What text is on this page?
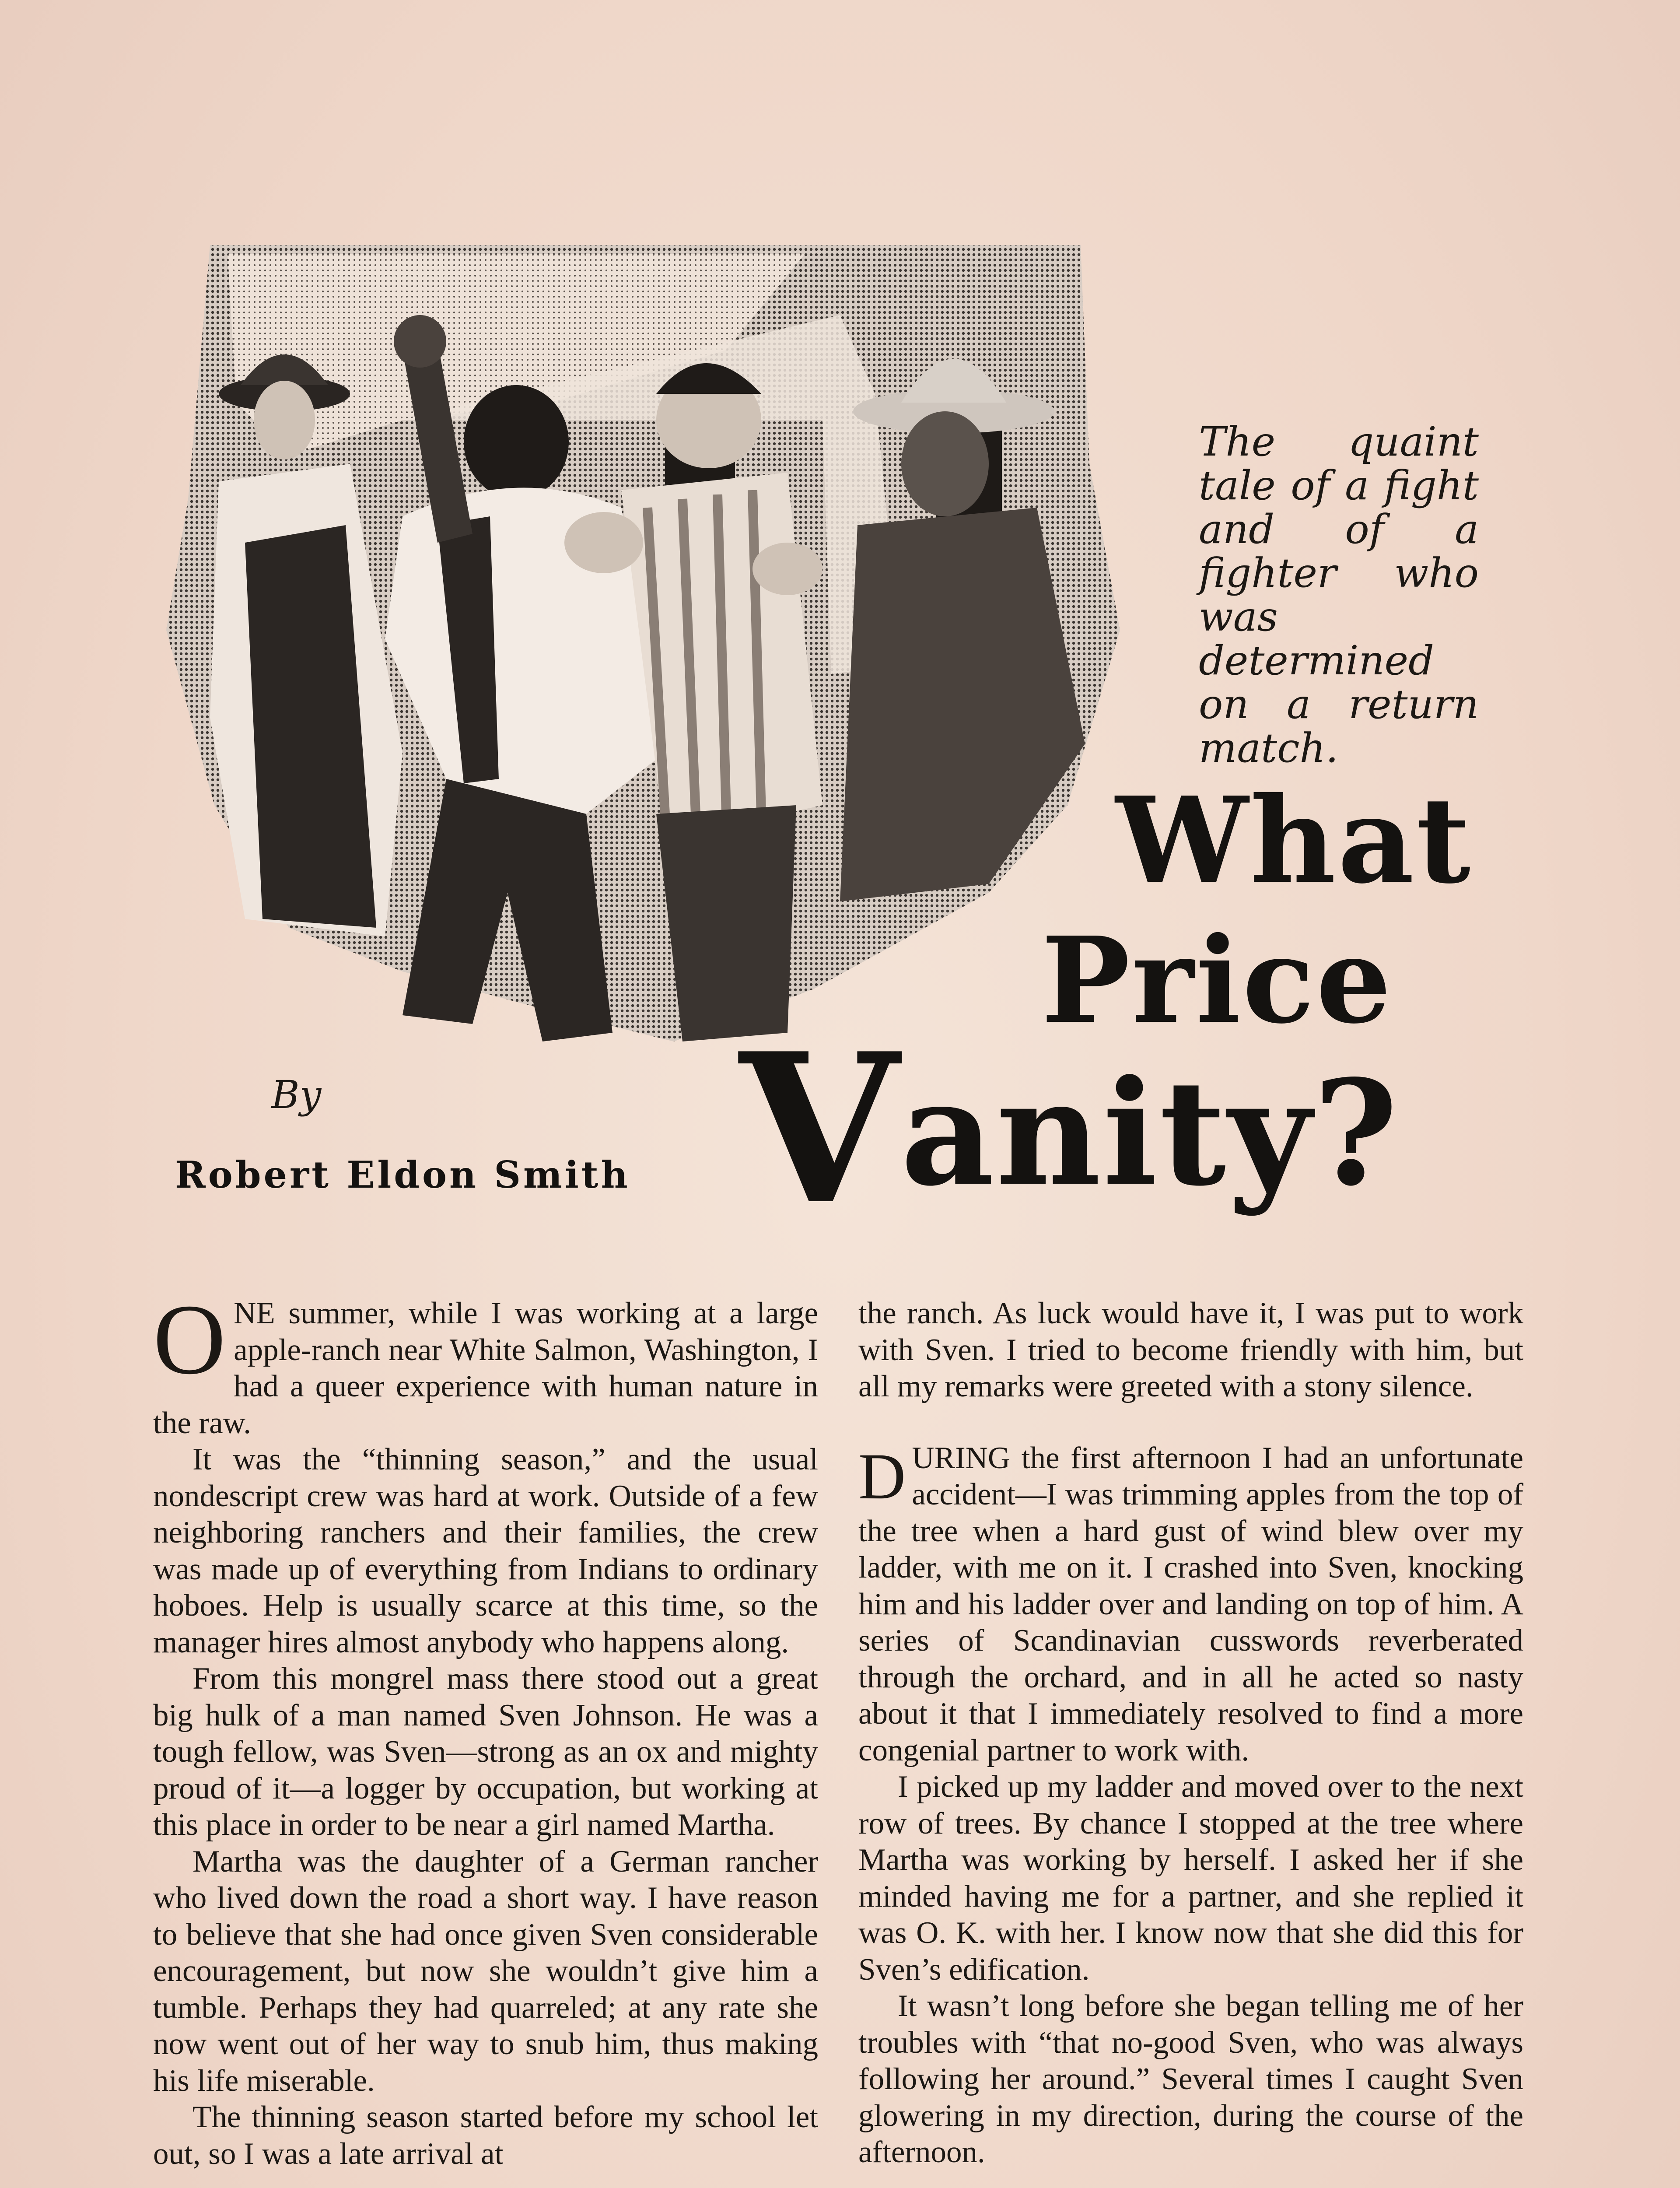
The quaint tale of a fight and of a fighter who was determined on a return match.
What
Price
Vanity?
By
Robert Eldon Smith

ONE summer, while I was working at a large apple-ranch near White Salmon, Washington, I had a queer experience with human nature in the raw.

It was the “thinning season,” and the usual nondescript crew was hard at work. Outside of a few neighboring ranchers and their families, the crew was made up of everything from Indians to ordinary hoboes. Help is usually scarce at this time, so the manager hires almost anybody who happens along.

From this mongrel mass there stood out a great big hulk of a man named Sven Johnson. He was a tough fellow, was Sven—strong as an ox and mighty proud of it—a logger by occupation, but working at this place in order to be near a girl named Martha.

Martha was the daughter of a German rancher who lived down the road a short way. I have reason to believe that she had once given Sven considerable encouragement, but now she wouldn’t give him a tumble. Perhaps they had quarreled; at any rate she now went out of her way to snub him, thus making his life miserable.

The thinning season started before my school let out, so I was a late arrival at

the ranch. As luck would have it, I was put to work with Sven. I tried to become friendly with him, but all my remarks were greeted with a stony silence.

DURING the first afternoon I had an unfortunate accident—I was trimming apples from the top of the tree when a hard gust of wind blew over my ladder, with me on it. I crashed into Sven, knocking him and his ladder over and landing on top of him. A series of Scandinavian cusswords reverberated through the orchard, and in all he acted so nasty about it that I immediately resolved to find a more congenial partner to work with.

I picked up my ladder and moved over to the next row of trees. By chance I stopped at the tree where Martha was working by herself. I asked her if she minded having me for a partner, and she replied it was O. K. with her. I know now that she did this for Sven’s edification.

It wasn’t long before she began telling me of her troubles with “that no-good Sven, who was always following her around.” Several times I caught Sven glowering in my direction, during the course of the afternoon.
